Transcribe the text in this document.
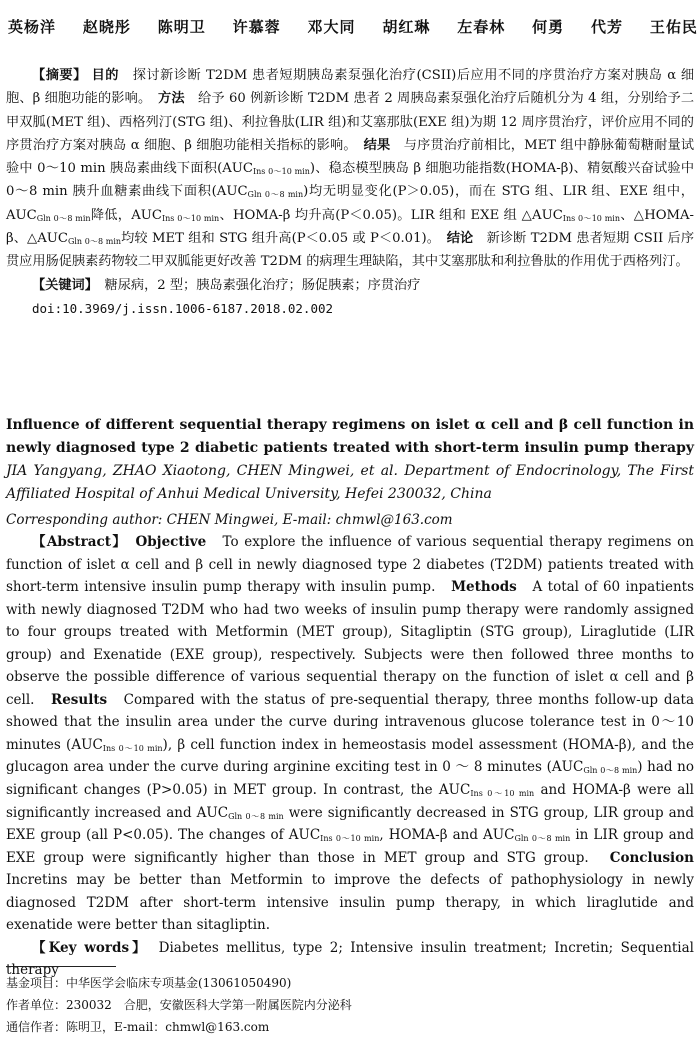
英杨洋 赵晓彤 陈明卫 许慕蓉 邓大同 胡红琳 左春林 何勇 代芳 王佑民

【摘要】 目的　 探讨新诊断 T2DM 患者短期胰岛素泵强化治疗(CSII)后应用不同的序贯治疗方案对胰岛 α 细胞、β 细胞功能的影响。　 方法　 给予 60 例新诊断 T2DM 患者 2 周胰岛素泵强化治疗后随机分为 4 组，分别给予二甲双胍(MET 组)、西格列汀(STG 组)、利拉鲁肽(LIR 组)和艾塞那肽(EXE 组)为期 12 周序贯治疗，评价应用不同的序贯治疗方案对胰岛 α 细胞、β 细胞功能相关指标的影响。　 结果　 与序贯治疗前相比，MET 组中静脉葡萄糖耐量试验中 0～10 min 胰岛素曲线下面积$(AUC_{Ins 0\sim 10 min})$、稳态模型胰岛 β 细胞功能指数(HOMA-β)、精氨酸兴奋试验中 0～8 min 胰升血糖素曲线下面积$(AUC_{Gln 0\sim 8 min})$均无明显变化(P＞0.05)，而在 STG 组、LIR 组、EXE 组中，$AUC_{Gln 0\sim 8 min}$降低，$AUC_{Ins 0\sim 10 min}$、HOMA-β 均升高(P＜0.05)。LIR 组和 EXE 组 $\triangle AUC_{Ins 0\sim 10 min}$、△HOMA-β、$\triangle AUC_{Gln 0\sim 8 min}$均较 MET 组和 STG 组升高(P＜0.05 或 P＜0.01)。　 结论　 新诊断 T2DM 患者短期 CSII 后序贯应用肠促胰素药物较二甲双胍能更好改善 T2DM 的病理生理缺陷，其中艾塞那肽和利拉鲁肽的作用优于西格列汀。

【关键词】　 糖尿病，2 型；胰岛素强化治疗；肠促胰素；序贯治疗
doi:10.3969/j.issn.1006-6187.2018.02.002
Influence of different sequential therapy regimens on islet α cell and β cell function in newly diagnosed type 2 diabetic patients treated with short-term insulin pump therapy　JIA Yangyang, ZHAO Xiaotong, CHEN Mingwei, et al. Department of Endocrinology, The First Affiliated Hospital of Anhui Medical University, Hefei 230032, China
Corresponding author: CHEN Mingwei, E-mail: chmwl@163.com

【Abstract】　 Objective　 To explore the influence of various sequential therapy regimens on function of islet α cell and β cell in newly diagnosed type 2 diabetes (T2DM) patients treated with short-term intensive insulin pump therapy with insulin pump.　 Methods　 A total of 60 inpatients with newly diagnosed T2DM who had two weeks of insulin pump therapy were randomly assigned to four groups treated with Metformin (MET group), Sitagliptin (STG group), Liraglutide (LIR group) and Exenatide (EXE group), respectively. Subjects were then followed three months to observe the possible difference of various sequential therapy on the function of islet α cell and β cell.　 Results　 Compared with the status of pre-sequential therapy, three months follow-up data showed that the insulin area under the curve during intravenous glucose tolerance test in 0～10 minutes $(AUC_{Ins 0\sim 10 min})$, β cell function index in hemeostasis model assessment (HOMA-β), and the glucagon area under the curve during arginine exciting test in 0 ～ 8 minutes $(AUC_{Gln 0\sim 8 min})$ had no significant changes (P>0.05) in MET group. In contrast, the $AUC_{Ins 0\sim 10 min}$ and HOMA-β were all significantly increased and $AUC_{Gln 0\sim 8 min}$ were significantly decreased in STG group, LIR group and EXE group (all P<0.05). The changes of $AUC_{Ins 0\sim 10 min}$, HOMA-β and $AUC_{Gln 0\sim 8 min}$ in LIR group and EXE group were significantly higher than those in MET group and STG group.　 Conclusion　Incretins may be better than Metformin to improve the defects of pathophysiology in newly diagnosed T2DM after short-term intensive insulin pump therapy, in which liraglutide and exenatide were better than sitagliptin.

【Key words】　 Diabetes mellitus, type 2; Intensive insulin treatment; Incretin; Sequential therapy

基金项目：中华医学会临床专项基金(13061050490)
作者单位：230032　合肥，安徽医科大学第一附属医院内分泌科
通信作者：陈明卫，E-mail：chmwl@163.com
